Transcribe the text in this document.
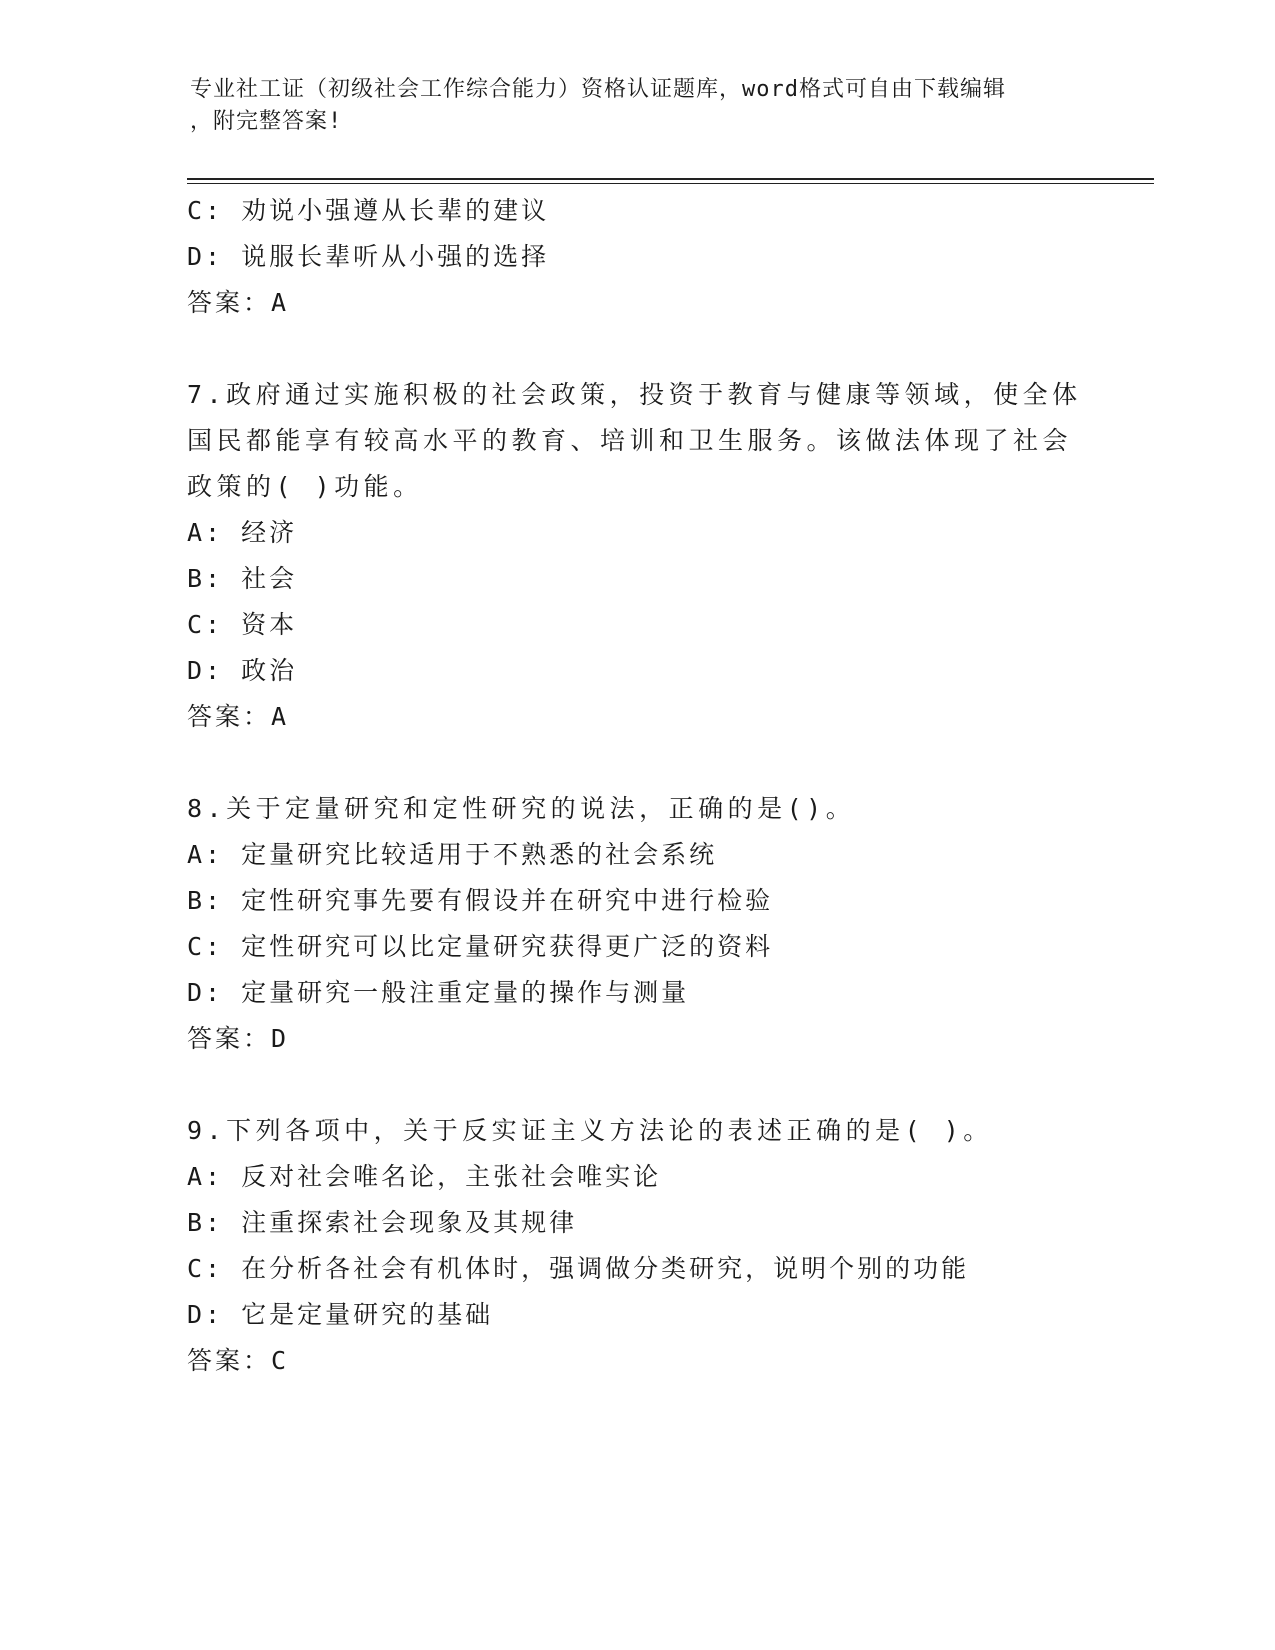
专业社工证（初级社会工作综合能力）资格认证题库，word格式可自由下载编辑
，附完整答案!
C: 劝说小强遵从长辈的建议
D: 说服长辈听从小强的选择
答案：A
7.政府通过实施积极的社会政策，投资于教育与健康等领域，使全体
国民都能享有较高水平的教育、培训和卫生服务。该做法体现了社会
政策的( )功能。
A: 经济
B: 社会
C: 资本
D: 政治
答案：A
8.关于定量研究和定性研究的说法，正确的是()。
A: 定量研究比较适用于不熟悉的社会系统
B: 定性研究事先要有假设并在研究中进行检验
C: 定性研究可以比定量研究获得更广泛的资料
D: 定量研究一般注重定量的操作与测量
答案：D
9.下列各项中，关于反实证主义方法论的表述正确的是( )。
A: 反对社会唯名论，主张社会唯实论
B: 注重探索社会现象及其规律
C: 在分析各社会有机体时，强调做分类研究，说明个别的功能
D: 它是定量研究的基础
答案：C
